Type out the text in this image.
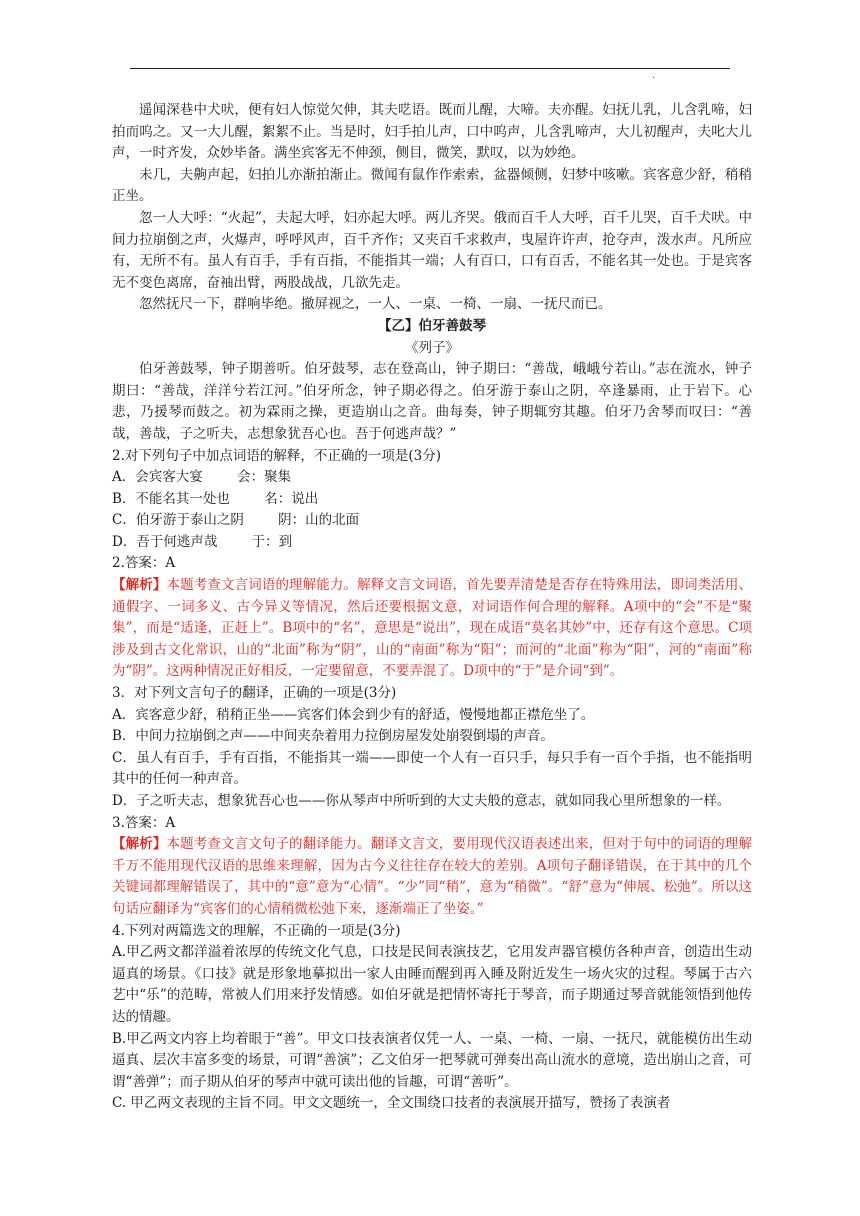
.

遥闻深巷中犬吠，便有妇人惊觉欠伸，其夫呓语。既而儿醒，大啼。夫亦醒。妇抚儿乳，儿含乳啼，妇拍而呜之。又一大儿醒，絮絮不止。当是时，妇手拍儿声，口中呜声，儿含乳啼声，大儿初醒声，夫叱大儿声，一时齐发，众妙毕备。满坐宾客无不伸颈，侧目，微笑，默叹，以为妙绝。

未几，夫齁声起，妇拍儿亦渐拍渐止。微闻有鼠作作索索，盆器倾侧，妇梦中咳嗽。宾客意少舒，稍稍正坐。

忽一人大呼：“火起”，夫起大呼，妇亦起大呼。两儿齐哭。俄而百千人大呼，百千儿哭，百千犬吠。中间力拉崩倒之声，火爆声，呼呼风声，百千齐作；又夹百千求救声，曳屋许许声，抢夺声，泼水声。凡所应有，无所不有。虽人有百手，手有百指，不能指其一端；人有百口，口有百舌，不能名其一处也。于是宾客无不变色离席，奋袖出臂，两股战战，几欲先走。

忽然抚尺一下，群响毕绝。撤屏视之，一人、一桌、一椅、一扇、一抚尺而已。

【乙】伯牙善鼓琴

《列子》

伯牙善鼓琴，钟子期善听。伯牙鼓琴，志在登高山，钟子期曰：“善哉，峨峨兮若山。”志在流水，钟子期曰：“善哉，洋洋兮若江河。”伯牙所念，钟子期必得之。伯牙游于泰山之阴，卒逢暴雨，止于岩下。心悲，乃援琴而鼓之。初为霖雨之操，更造崩山之音。曲每奏，钟子期辄穷其趣。伯牙乃舍琴而叹曰：“善哉，善哉，子之听夫，志想象犹吾心也。吾于何逃声哉？”

2.对下列句子中加点词语的解释，不正确的一项是(3分)

A．会宾客大宴        会：聚集

B．不能名其一处也        名：说出

C．伯牙游于泰山之阴        阴：山的北面

D．吾于何逃声哉        于：到

2.答案：A

【解析】本题考查文言词语的理解能力。解释文言文词语，首先要弄清楚是否存在特殊用法，即词类活用、通假字、一词多义、古今异义等情况，然后还要根据文意，对词语作何合理的解释。A项中的“会”不是“聚集”，而是“适逢，正赶上”。B项中的“名”，意思是“说出”，现在成语“莫名其妙”中，还存有这个意思。C项涉及到古文化常识，山的“北面”称为“阴”，山的“南面”称为“阳”；而河的“北面”称为“阳”，河的“南面”称为“阴”。这两种情况正好相反，一定要留意，不要弄混了。D项中的“于”是介词“到”。

3．对下列文言句子的翻译，正确的一项是(3分)

A．宾客意少舒，稍稍正坐——宾客们体会到少有的舒适，慢慢地都正襟危坐了。

B．中间力拉崩倒之声——中间夹杂着用力拉倒房屋发处崩裂倒塌的声音。

C．虽人有百手，手有百指，不能指其一端——即使一个人有一百只手，每只手有一百个手指，也不能指明其中的任何一种声音。

D．子之听夫志，想象犹吾心也——你从琴声中所听到的大丈夫般的意志，就如同我心里所想象的一样。

3.答案：A

【解析】本题考查文言文句子的翻译能力。翻译文言文，要用现代汉语表述出来，但对于句中的词语的理解千万不能用现代汉语的思维来理解，因为古今义往往存在较大的差别。A项句子翻译错误，在于其中的几个关键词都理解错误了，其中的“意”意为“心情”。“少”同“稍”，意为“稍微”。“舒”意为“伸展、松弛”。所以这句话应翻译为“宾客们的心情稍微松弛下来，逐渐端正了坐姿。”

4.下列对两篇选文的理解，不正确的一项是(3分)

A.甲乙两文都洋溢着浓厚的传统文化气息，口技是民间表演技艺，它用发声器官模仿各种声音，创造出生动逼真的场景。《口技》就是形象地摹拟出一家人由睡而醒到再入睡及附近发生一场火灾的过程。琴属于古六艺中“乐”的范畴，常被人们用来抒发情感。如伯牙就是把情怀寄托于琴音，而子期通过琴音就能领悟到他传达的情趣。

B.甲乙两文内容上均着眼于“善”。甲文口技表演者仅凭一人、一桌、一椅、一扇、一抚尺，就能模仿出生动逼真、层次丰富多变的场景，可谓“善演”；乙文伯牙一把琴就可弹奏出高山流水的意境，造出崩山之音，可谓“善弹”；而子期从伯牙的琴声中就可读出他的旨趣，可谓“善听”。

C. 甲乙两文表现的主旨不同。甲文文题统一，全文围绕口技者的表演展开描写，赞扬了表演者
